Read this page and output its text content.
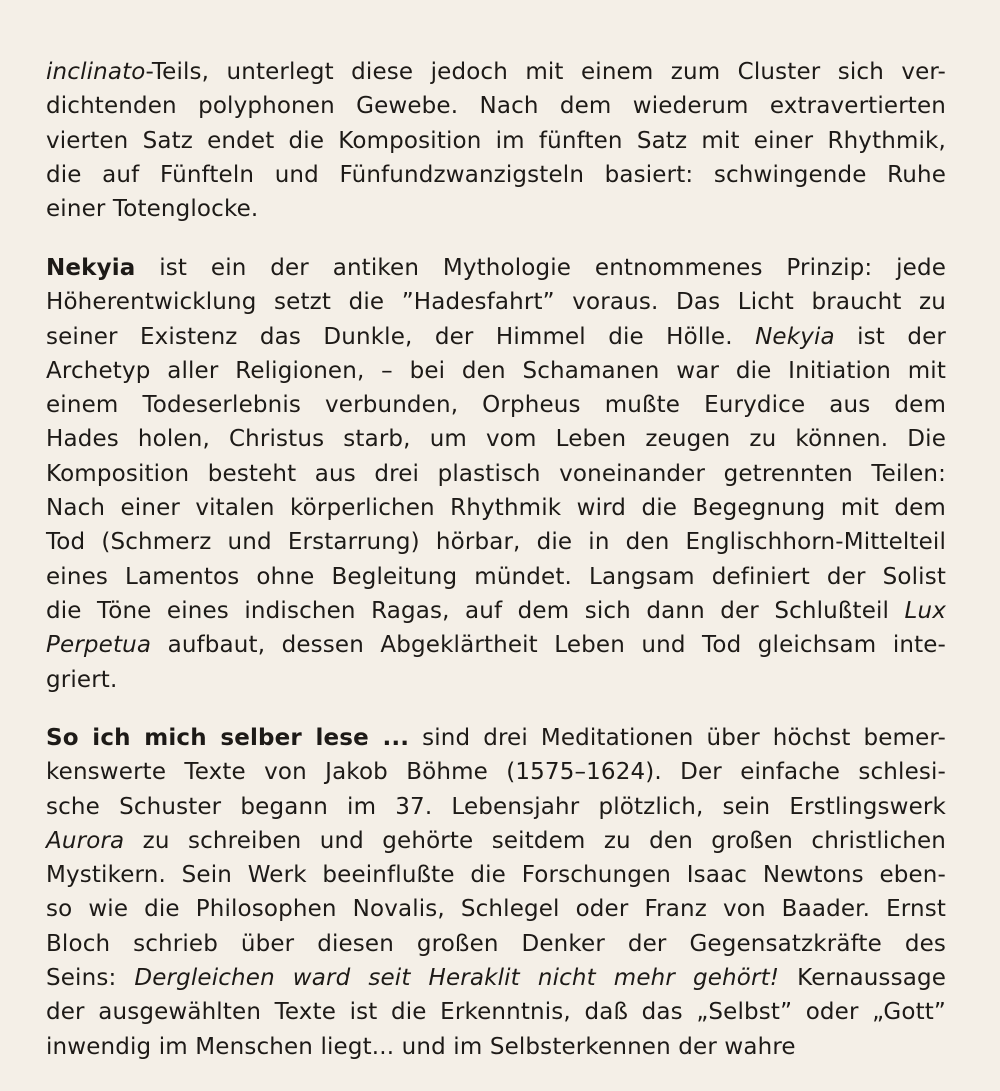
inclinato-Teils, unterlegt diese jedoch mit einem zum Cluster sich ver-
dichtenden polyphonen Gewebe. Nach dem wiederum extravertierten
vierten Satz endet die Komposition im fünften Satz mit einer Rhythmik,
die auf Fünfteln und Fünfundzwanzigsteln basiert: schwingende Ruhe
einer Totenglocke.
Nekyia ist ein der antiken Mythologie entnommenes Prinzip: jede
Höherentwicklung setzt die ”Hadesfahrt” voraus. Das Licht braucht zu
seiner Existenz das Dunkle, der Himmel die Hölle. Nekyia ist der
Archetyp aller Religionen, – bei den Schamanen war die Initiation mit
einem Todeserlebnis verbunden, Orpheus mußte Eurydice aus dem
Hades holen, Christus starb, um vom Leben zeugen zu können. Die
Komposition besteht aus drei plastisch voneinander getrennten Teilen:
Nach einer vitalen körperlichen Rhythmik wird die Begegnung mit dem
Tod (Schmerz und Erstarrung) hörbar, die in den Englischhorn-Mittelteil
eines Lamentos ohne Begleitung mündet. Langsam definiert der Solist
die Töne eines indischen Ragas, auf dem sich dann der Schlußteil Lux
Perpetua aufbaut, dessen Abgeklärtheit Leben und Tod gleichsam inte-
griert.
So ich mich selber lese ... sind drei Meditationen über höchst bemer-
kenswerte Texte von Jakob Böhme (1575–1624). Der einfache schlesi-
sche Schuster begann im 37. Lebensjahr plötzlich, sein Erstlingswerk
Aurora zu schreiben und gehörte seitdem zu den großen christlichen
Mystikern. Sein Werk beeinflußte die Forschungen Isaac Newtons eben-
so wie die Philosophen Novalis, Schlegel oder Franz von Baader. Ernst
Bloch schrieb über diesen großen Denker der Gegensatzkräfte des
Seins: Dergleichen ward seit Heraklit nicht mehr gehört! Kernaussage
der ausgewählten Texte ist die Erkenntnis, daß das „Selbst” oder „Gott”
inwendig im Menschen liegt... und im Selbsterkennen der wahre
